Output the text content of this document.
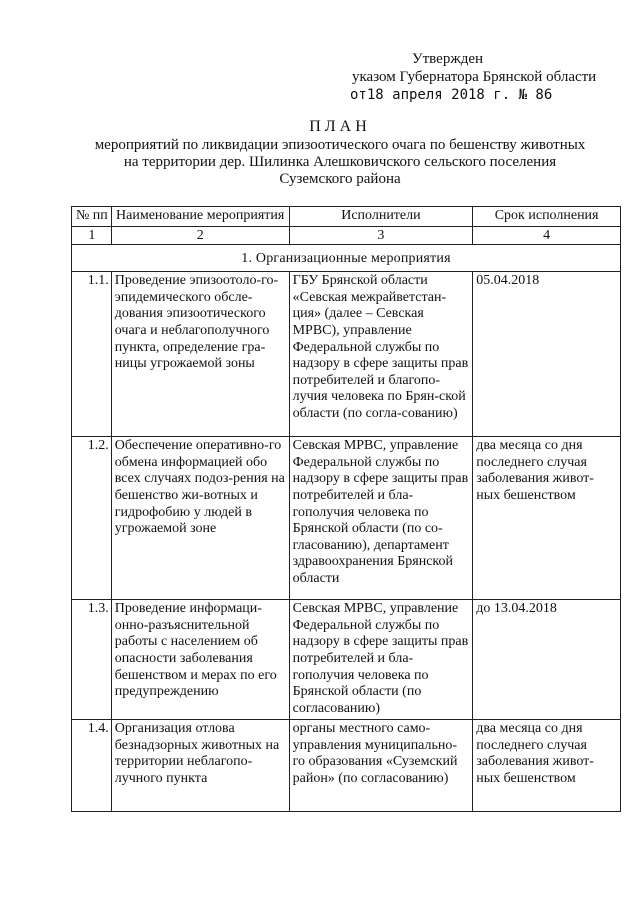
Утвержден
указом Губернатора Брянской области
от18 апреля 2018 г. № 86
ПЛАН
мероприятий по ликвидации эпизоотического очага по бешенству животных
на территории дер. Шилинка Алешковичского сельского поселения
Суземского района
№ пп	Наименование мероприятия	Исполнители	Срок исполнения
1	2	3	4
1. Организационные мероприятия			
1.1.	Проведение эпизоотоло-го-эпидемического обсле-дования эпизоотического очага и неблагополучного пункта, определение гра-ницы угрожаемой зоны	ГБУ Брянской области «Севская межрайветстан-ция» (далее – Севская МРВС), управление Федеральной службы по надзору в сфере защиты прав потребителей и благопо-лучия человека по Брян-ской области (по согла-сованию)	05.04.2018
1.2.	Обеспечение оперативно-го обмена информацией обо всех случаях подоз-рения на бешенство жи-вотных и гидрофобию у людей в угрожаемой зоне	Севская МРВС, управление Федеральной службы по надзору в сфере защиты прав потребителей и бла-гополучия человека по Брянской области (по со-гласованию), департамент здравоохранения Брянской области	два месяца со дня последнего случая заболевания живот-ных бешенством
1.3.	Проведение информаци-онно-разъяснительной работы с населением об опасности заболевания бешенством и мерах по его предупреждению	Севская МРВС, управление Федеральной службы по надзору в сфере защиты прав потребителей и бла-гополучия человека по Брянской области (по согласованию)	до 13.04.2018
1.4.	Организация отлова безнадзорных животных на территории неблагопо-лучного пункта	органы местного само-управления муниципально-го образования «Суземский район» (по согласованию)	два месяца со дня последнего случая заболевания живот-ных бешенством
